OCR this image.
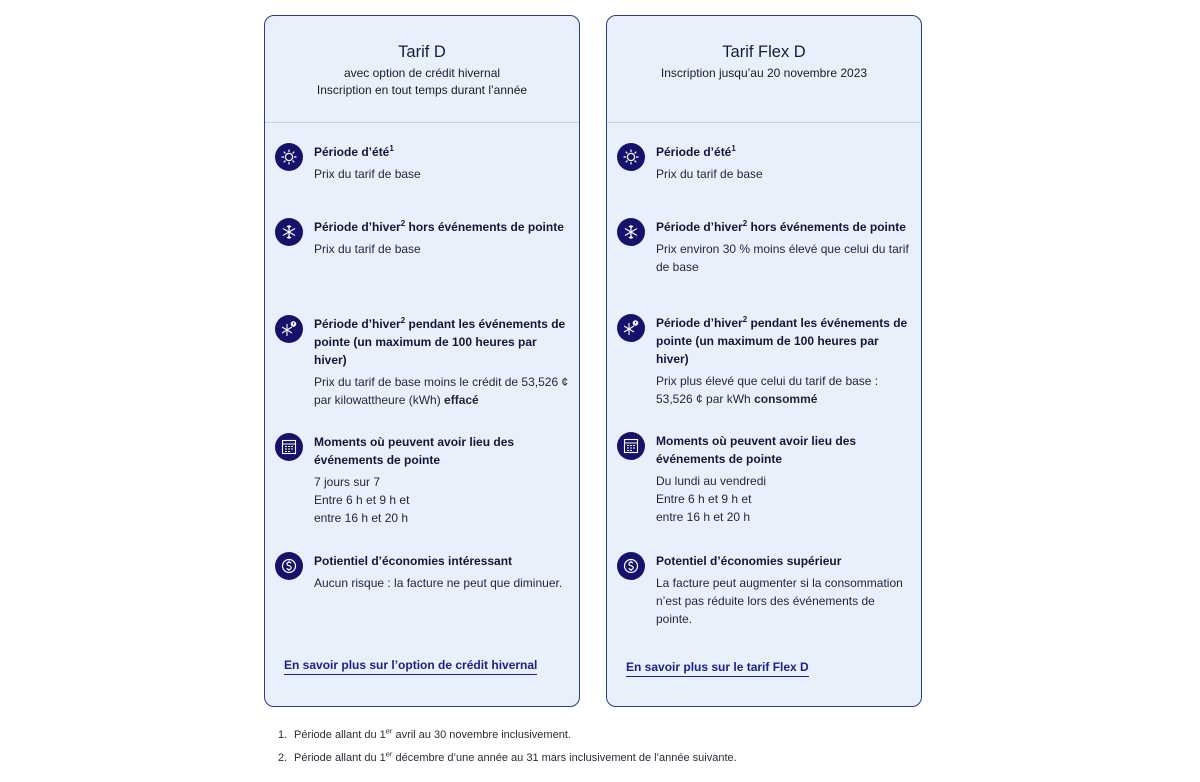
Tarif D
avec option de crédit hivernal
Inscription en tout temps durant l’année
Période d’été$^1$
Prix du tarif de base
Période d’hiver$^2$ hors événements de pointe
Prix du tarif de base
Période d’hiver$^2$ pendant les événements de pointe (un maximum de 100 heures par hiver)
Prix du tarif de base moins le crédit de 53,526 ¢ par kilowattheure (kWh) effacé
Moments où peuvent avoir lieu des événements de pointe
7 jours sur 7
Entre 6 h et 9 h et
entre 16 h et 20 h
Potientiel d’économies intéressant
Aucun risque : la facture ne peut que diminuer.
En savoir plus sur l’option de crédit hivernal
Tarif Flex D
Inscription jusqu’au 20 novembre 2023
Période d’été$^1$
Prix du tarif de base
Période d’hiver$^2$ hors événements de pointe
Prix environ 30 % moins élevé que celui du tarif de base
Période d’hiver$^2$ pendant les événements de pointe (un maximum de 100 heures par hiver)
Prix plus élevé que celui du tarif de base : 53,526 ¢ par kWh consommé
Moments où peuvent avoir lieu des événements de pointe
Du lundi au vendredi
Entre 6 h et 9 h et
entre 16 h et 20 h
Potentiel d’économies supérieur
La facture peut augmenter si la consommation n’est pas réduite lors des événements de pointe.
En savoir plus sur le tarif Flex D
1. Période allant du 1er avril au 30 novembre inclusivement.
2. Période allant du 1er décembre d’une année au 31 mars inclusivement de l’année suivante.
